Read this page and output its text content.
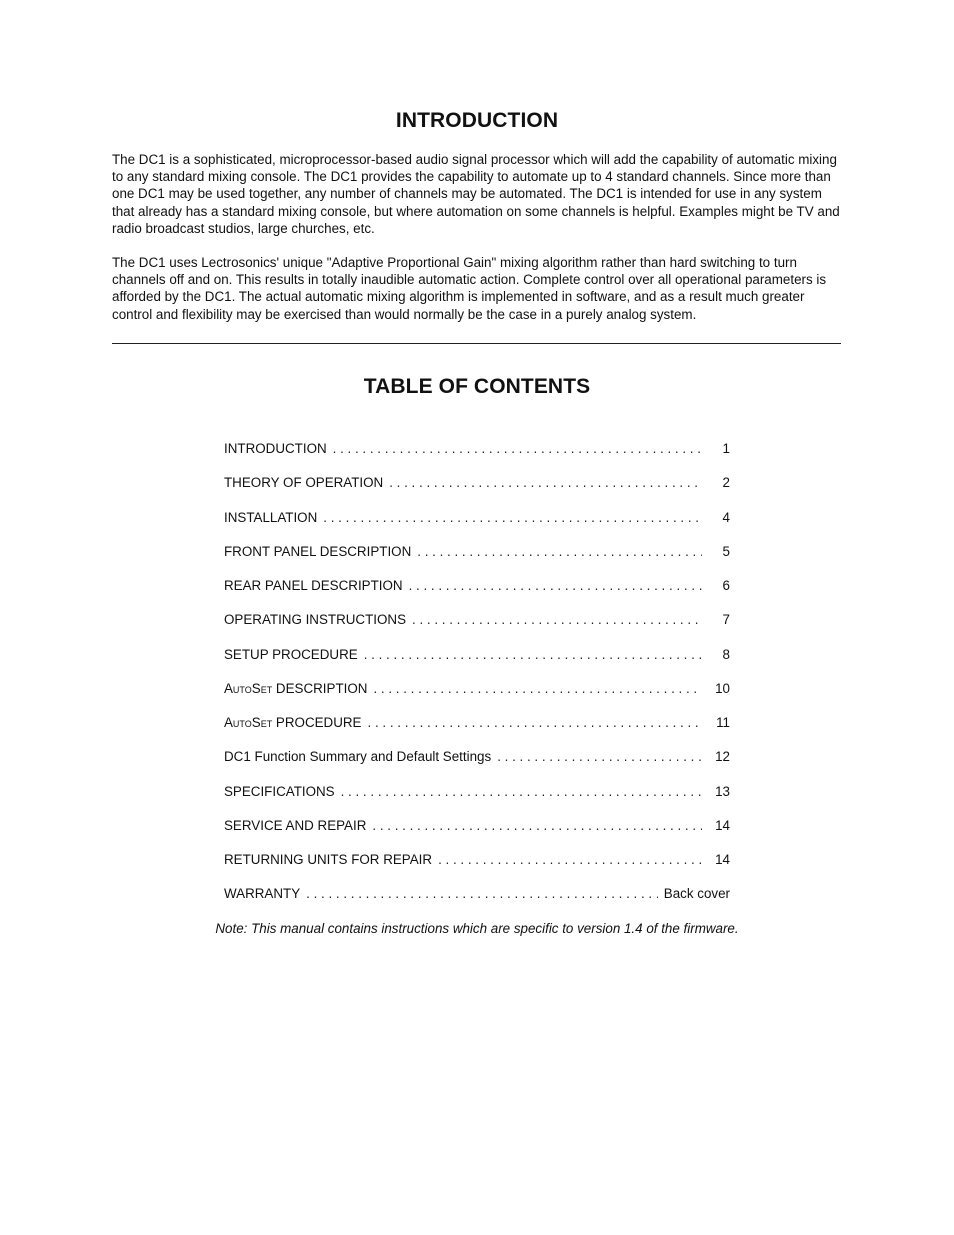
INTRODUCTION

The DC1 is a sophisticated, microprocessor-based audio signal processor which will add the capability of automatic mixing to any standard mixing console. The DC1 provides the capability to automate up to 4 standard channels. Since more than one DC1 may be used together, any number of channels may be automated. The DC1 is intended for use in any system that already has a standard mixing console, but where automation on some channels is helpful. Examples might be TV and radio broadcast studios, large churches, etc.

The DC1 uses Lectrosonics' unique "Adaptive Proportional Gain" mixing algorithm rather than hard switching to turn channels off and on. This results in totally inaudible automatic action. Complete control over all operational parameters is afforded by the DC1. The actual automatic mixing algorithm is implemented in software, and as a result much greater control and flexibility may be exercised than would normally be the case in a purely analog system.

TABLE OF CONTENTS
INTRODUCTION . . .	1
THEORY OF OPERATION . . .	2
INSTALLATION . . .	4
FRONT PANEL DESCRIPTION . . .	5
REAR PANEL DESCRIPTION . . .	6
OPERATING INSTRUCTIONS . . .	7
SETUP PROCEDURE . . .	8
AutoSet DESCRIPTION . . .	10
AutoSet PROCEDURE . . .	11
DC1 Function Summary and Default Settings . . .	12
SPECIFICATIONS . . .	13
SERVICE AND REPAIR . . .	14
RETURNING UNITS FOR REPAIR . . .	14
WARRANTY . . .	Back cover

Note: This manual contains instructions which are specific to version 1.4 of the firmware.
